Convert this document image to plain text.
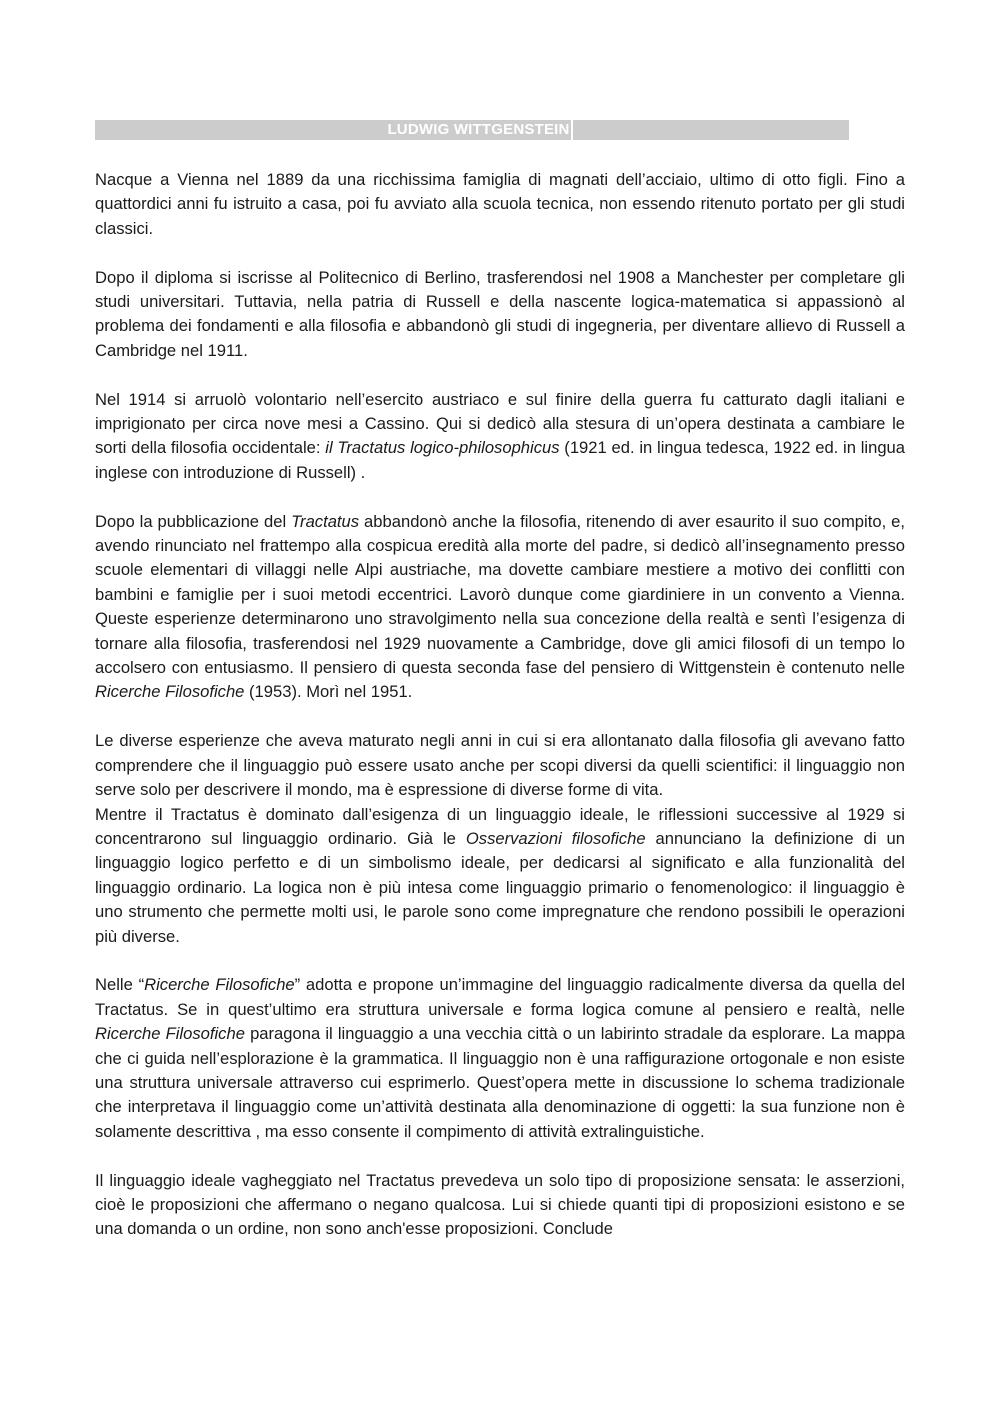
LUDWIG WITTGENSTEIN

Nacque a Vienna nel 1889 da una ricchissima famiglia di magnati dell’acciaio, ultimo di otto figli. Fino a quattordici anni fu istruito a casa, poi fu avviato alla scuola tecnica, non essendo ritenuto portato per gli studi classici.

Dopo il diploma si iscrisse al Politecnico di Berlino, trasferendosi nel 1908 a Manchester per completare gli studi universitari. Tuttavia, nella patria di Russell e della nascente logica-matematica si appassionò al problema dei fondamenti e alla filosofia e abbandonò gli studi di ingegneria, per diventare allievo di Russell a Cambridge nel 1911.

Nel 1914 si arruolò volontario nell’esercito austriaco e sul finire della guerra fu catturato dagli italiani e imprigionato per circa nove mesi a Cassino. Qui si dedicò alla stesura di un’opera destinata a cambiare le sorti della filosofia occidentale: il Tractatus logico-philosophicus (1921 ed. in lingua tedesca, 1922 ed. in lingua inglese con introduzione di Russell) .

Dopo la pubblicazione del Tractatus abbandonò anche la filosofia, ritenendo di aver esaurito il suo compito, e, avendo rinunciato nel frattempo alla cospicua eredità alla morte del padre, si dedicò all’insegnamento presso scuole elementari di villaggi nelle Alpi austriache, ma dovette cambiare mestiere a motivo dei conflitti con bambini e famiglie per i suoi metodi eccentrici. Lavorò dunque come giardiniere in un convento a Vienna. Queste esperienze determinarono uno stravolgimento nella sua concezione della realtà e sentì l’esigenza di tornare alla filosofia, trasferendosi nel 1929 nuovamente a Cambridge, dove gli amici filosofi di un tempo lo accolsero con entusiasmo. Il pensiero di questa seconda fase del pensiero di Wittgenstein è contenuto nelle Ricerche Filosofiche (1953). Morì nel 1951.

Le diverse esperienze che aveva maturato negli anni in cui si era allontanato dalla filosofia gli avevano fatto comprendere che il linguaggio può essere usato anche per scopi diversi da quelli scientifici: il linguaggio non serve solo per descrivere il mondo, ma è espressione di diverse forme di vita.

Mentre il Tractatus è dominato dall’esigenza di un linguaggio ideale, le riflessioni successive al 1929 si concentrarono sul linguaggio ordinario. Già le Osservazioni filosofiche annunciano la definizione di un linguaggio logico perfetto e di un simbolismo ideale, per dedicarsi al significato e alla funzionalità del linguaggio ordinario. La logica non è più intesa come linguaggio primario o fenomenologico: il linguaggio è uno strumento che permette molti usi, le parole sono come impregnature che rendono possibili le operazioni più diverse.

Nelle “Ricerche Filosofiche” adotta e propone un’immagine del linguaggio radicalmente diversa da quella del Tractatus. Se in quest’ultimo era struttura universale e forma logica comune al pensiero e realtà, nelle Ricerche Filosofiche paragona il linguaggio a una vecchia città o un labirinto stradale da esplorare. La mappa che ci guida nell’esplorazione è la grammatica. Il linguaggio non è una raffigurazione ortogonale e non esiste una struttura universale attraverso cui esprimerlo. Quest’opera mette in discussione lo schema tradizionale che interpretava il linguaggio come un’attività destinata alla denominazione di oggetti: la sua funzione non è solamente descrittiva , ma esso consente il compimento di attività extralinguistiche.

Il linguaggio ideale vagheggiato nel Tractatus prevedeva un solo tipo di proposizione sensata: le asserzioni, cioè le proposizioni che affermano o negano qualcosa. Lui si chiede quanti tipi di proposizioni esistono e se una domanda o un ordine, non sono anch'esse proposizioni. Conclude
